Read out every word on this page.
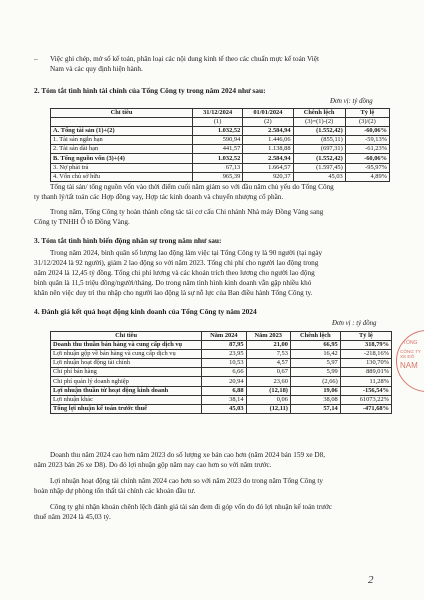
–	Việc ghi chép, mở số kế toán, phân loại các nội dung kinh tế theo các chuẩn mực kế toán Việt
Nam và các quy định hiện hành.
2. Tóm tắt tình hình tài chính của Tổng Công ty trong năm 2024 như sau:
Đơn vị: tỷ đồng
Chỉ tiêu	31/12/2024	01/01/2024	Chênh lệch	Tỷ lệ
	(1)	(2)	(3)=(1)-(2)	(3)/(2)
A. Tổng tài sản (1)+(2)	1.032,52	2.584,94	(1.552,42)	-60,06%
1. Tài sản ngắn hạn	590,94	1.446,06	(855,11)	-59,13%
2. Tài sản dài hạn	441,57	1.138,88	(697,31)	-61,23%
B. Tổng nguồn vốn (3)+(4)	1.032,52	2.584,94	(1.552,42)	-60,06%
3. Nợ phải trả	67,13	1.664,57	(1.597,45)	-95,97%
4. Vốn chủ sở hữu	965,39	920,37	45,03	4,89%
Tổng tài sản/ tổng nguồn vốn vào thời điểm cuối năm giảm so với đầu năm chủ yếu do Tổng Công
ty thanh lý/tất toán các Hợp đồng vay, Hợp tác kinh doanh và chuyển nhượng cổ phần.
Trong năm, Tổng Công ty hoàn thành công tác tái cơ cấu Chi nhánh Nhà máy Đồng Vàng sang
Công ty TNHH Ô tô Đồng Vàng.
3. Tóm tắt tình hình biến động nhân sự trong năm như sau:
Trong năm 2024, bình quân số lượng lao động làm việc tại Tổng Công ty là 90 người (tại ngày
31/12/2024 là 92 người), giảm 2 lao động so với năm 2023. Tổng chi phí cho người lao động trong
năm 2024 là 12,45 tỷ đồng. Tổng chi phí lương và các khoản trích theo lương cho người lao động
bình quân là 11,5 triệu đồng/người/tháng. Do trong năm tình hình kinh doanh vẫn gặp nhiều khó
khăn nên việc duy trì thu nhập cho người lao động là sự nỗ lực của Ban điều hành Tổng Công ty.
4. Đánh giá kết quả hoạt động kinh doanh của Tổng Công ty năm 2024
Đơn vị : tỷ đồng
Chỉ tiêu	Năm 2024	Năm 2023	Chênh lệch	Tỷ lệ
Doanh thu thuần bán hàng và cung cấp dịch vụ	87,95	21,00	66,95	318,79%
Lợi nhuận gộp về bán hàng và cung cấp dịch vụ	23,95	7,53	16,42	-218,16%
Lợi nhuận hoạt động tài chính	10,53	4,57	5,97	130,70%
Chi phí bán hàng	6,66	0,67	5,99	889,01%
Chi phí quản lý doanh nghiệp	20,94	23,60	(2,66)	11,28%
Lợi nhuận thuần từ hoạt động kinh doanh	6,88	(12,18)	19,06	-156,54%
Lợi nhuận khác	38,14	0,06	38,08	61073,22%
Tổng lợi nhuận kế toán trước thuế	45,03	(12,11)	57,14	-471,68%
Doanh thu năm 2024 cao hơn năm 2023 do số lượng xe bán cao hơn (năm 2024 bán 159 xe D8,
năm 2023 bán 26 xe D8). Do đó lợi nhuận gộp năm nay cao hơn so với năm trước.
Lợi nhuận hoạt động tài chính năm 2024 cao hơn so với năm 2023 do trong năm Tổng Công ty
hoàn nhập dự phòng tổn thất tài chính các khoản đầu tư.
Công ty ghi nhận khoản chênh lệch đánh giá tài sản đem đi góp vốn do đó lợi nhuận kế toán trước
thuế năm 2024 là 45,03 tỷ.
TỔNG
CÔNG TY
XE ĐÔ
NAM
2
